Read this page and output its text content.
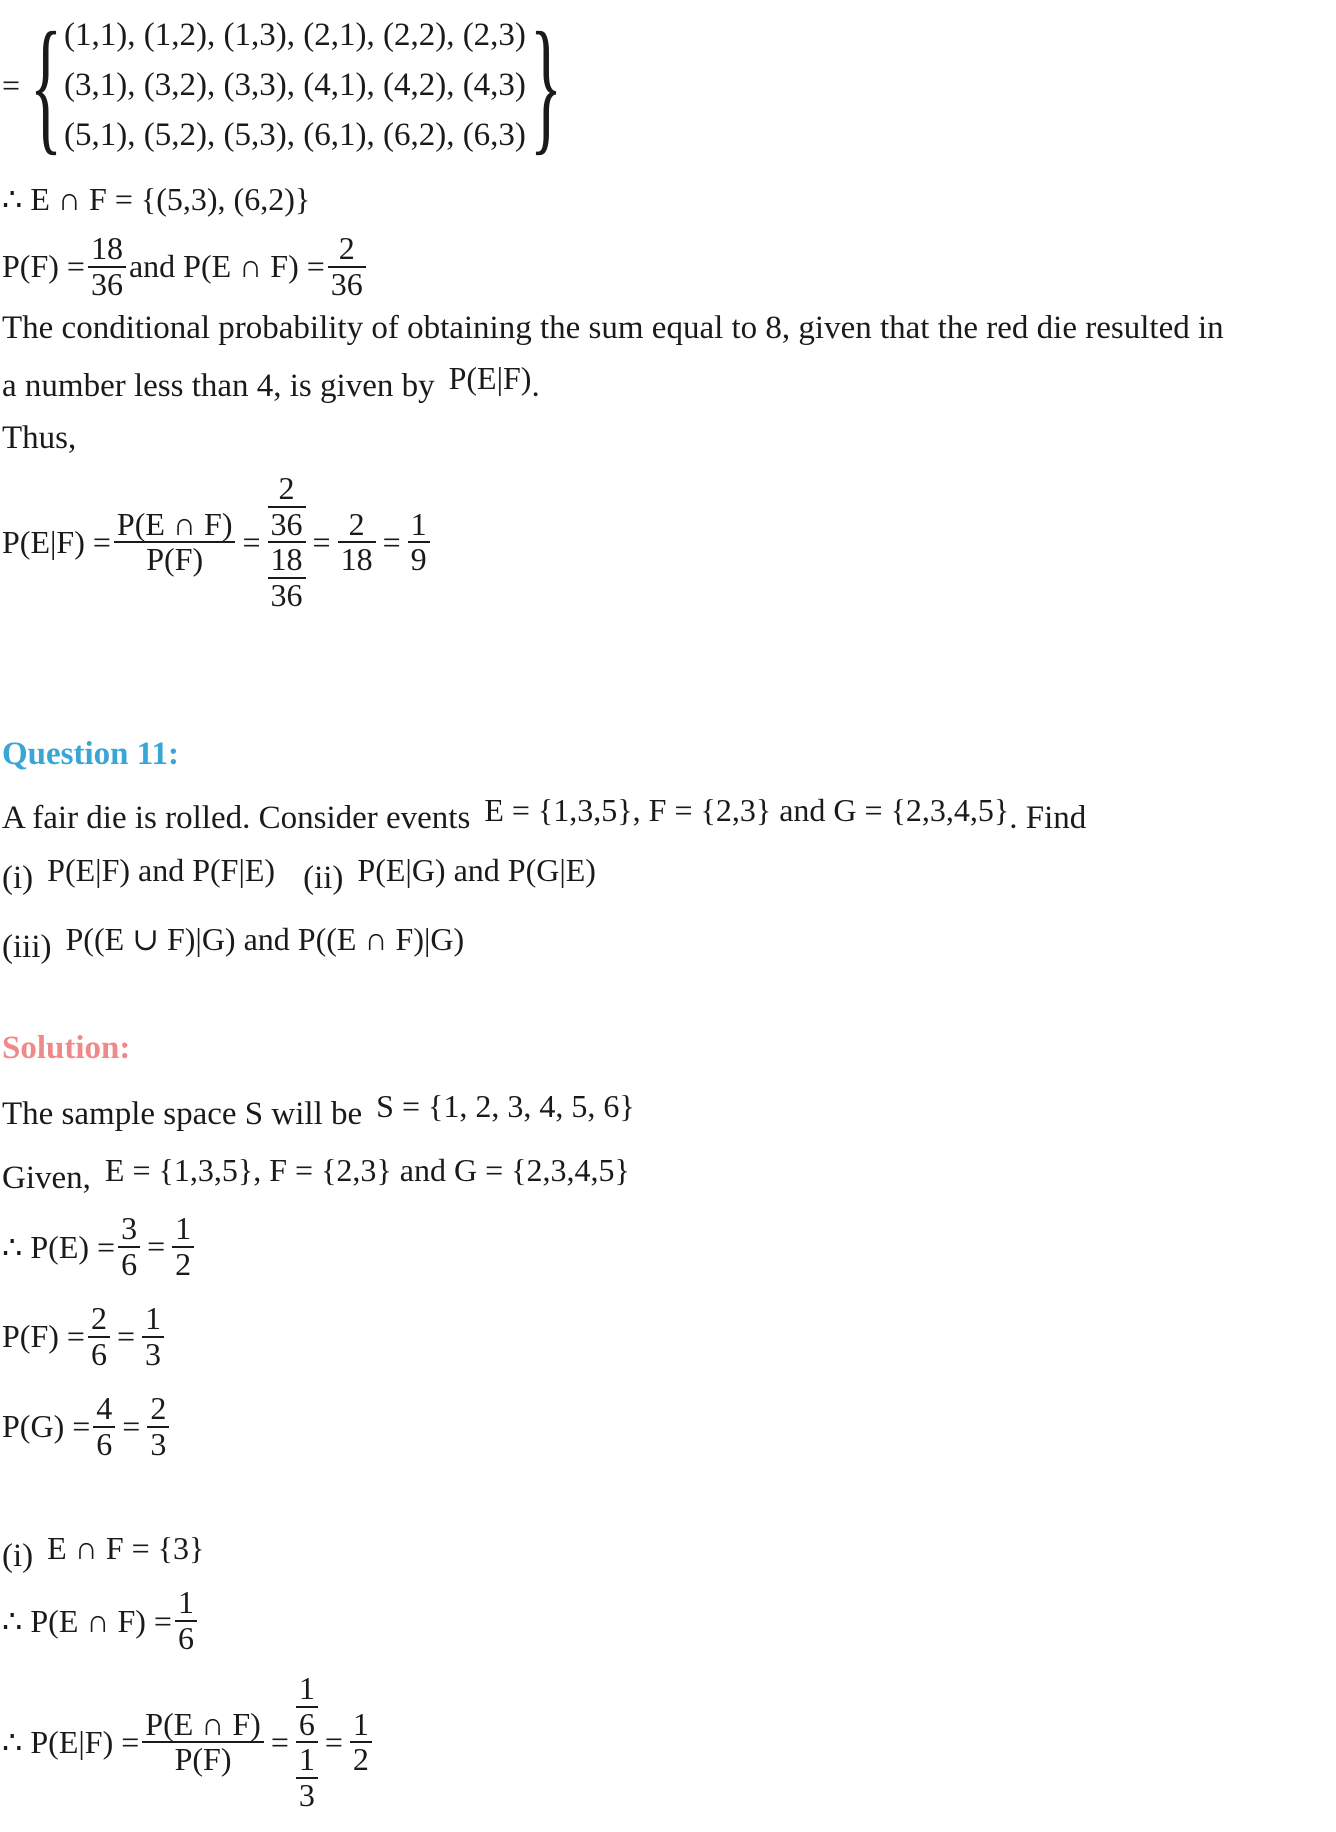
= { (1,1), (1,2), (1,3), (2,1), (2,2), (2,3)
(3,1), (3,2), (3,3), (4,1), (4,2), (4,3)
(5,1), (5,2), (5,3), (6,1), (6,2), (6,3) }
∴ E ∩ F = {(5,3), (6,2)}
$P(F) = \frac{18}{36}$ and P(E ∩ $F) = \frac{2}{36}$
The conditional probability of obtaining the sum equal to 8, given that the red die resulted in
a number less than 4, is given by P(E|F) .
Thus,
$P(E|F) = \frac{P(E \cap F)}{P(F)} = \frac{\frac{2}{36}}{\frac{18}{36}} = \frac{2}{18} = \frac{1}{9}$
Question 11:
A fair die is rolled. Consider events E = {1,3,5}, F = {2,3} and G = {2,3,4,5} . Find
(i) P(E|F) and P(F|E) (ii) P(E|G) and P(G|E)
(iii) P((E ∪ F)|G) and P((E ∩ F)|G)
Solution:
The sample space S will be S = {1, 2, 3, 4, 5, 6}
Given, E = {1,3,5}, F = {2,3} and G = {2,3,4,5}
∴ $P(E) = \frac{3}{6} = \frac{1}{2}$
$P(F) = \frac{2}{6} = \frac{1}{3}$
$P(G) = \frac{4}{6} = \frac{2}{3}$
(i) E ∩ F = {3}
∴ P(E ∩ $F) = \frac{1}{6}$
∴ $P(E|F) = \frac{P(E \cap F)}{P(F)} = \frac{\frac{1}{6}}{\frac{1}{3}} = \frac{1}{2}$
